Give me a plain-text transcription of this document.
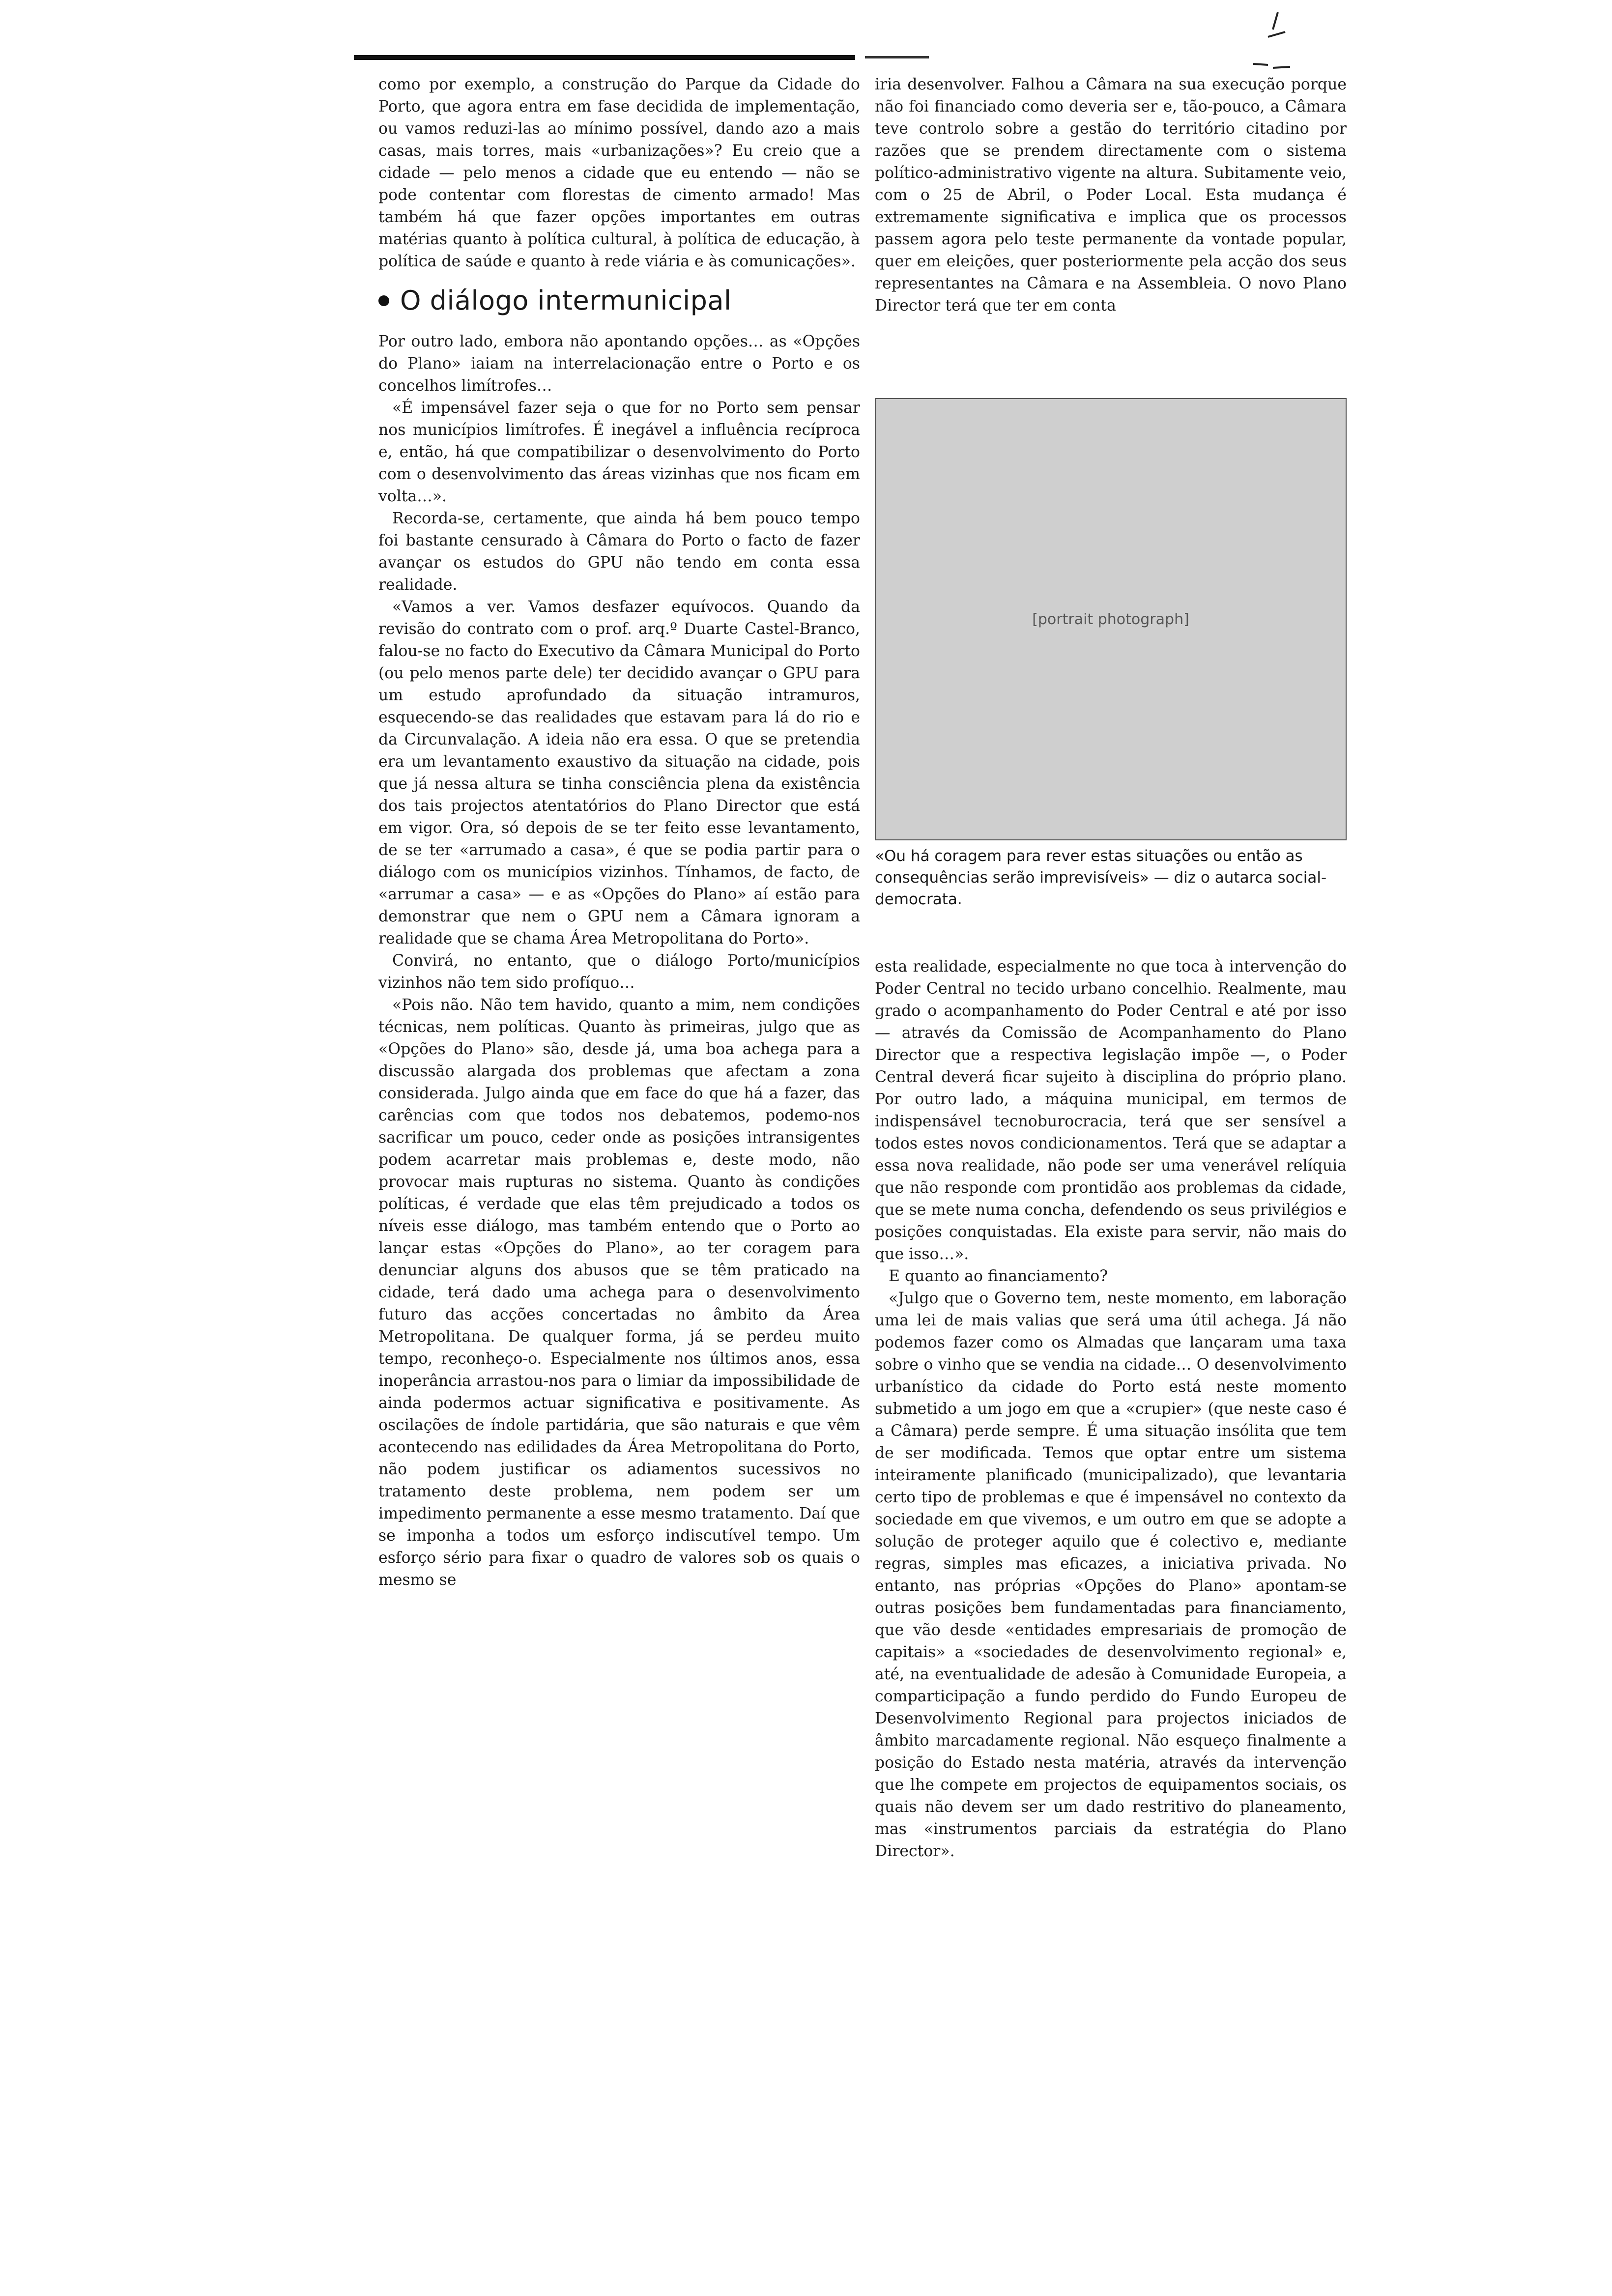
como por exemplo, a construção do Parque da Cidade do Porto, que agora entra em fase decidida de implementação, ou vamos reduzi-las ao mínimo possível, dando azo a mais casas, mais torres, mais «urbanizações»? Eu creio que a cidade — pelo menos a cidade que eu entendo — não se pode contentar com florestas de cimento armado! Mas também há que fazer opções importantes em outras matérias quanto à política cultural, à política de educação, à política de saúde e quanto à rede viária e às comunicações».

O diálogo intermunicipal

Por outro lado, embora não apontando opções… as «Opções do Plano» iaiam na interrelacionação entre o Porto e os concelhos limítrofes…

«É impensável fazer seja o que for no Porto sem pensar nos municípios limítrofes. É inegável a influência recíproca e, então, há que compatibilizar o desenvolvimento do Porto com o desenvolvimento das áreas vizinhas que nos ficam em volta…».

Recorda-se, certamente, que ainda há bem pouco tempo foi bastante censurado à Câmara do Porto o facto de fazer avançar os estudos do GPU não tendo em conta essa realidade.

«Vamos a ver. Vamos desfazer equívocos. Quando da revisão do contrato com o prof. arq.º Duarte Castel-Branco, falou-se no facto do Executivo da Câmara Municipal do Porto (ou pelo menos parte dele) ter decidido avançar o GPU para um estudo aprofundado da situação intramuros, esquecendo-se das realidades que estavam para lá do rio e da Circunvalação. A ideia não era essa. O que se pretendia era um levantamento exaustivo da situação na cidade, pois que já nessa altura se tinha consciência plena da existência dos tais projectos atentatórios do Plano Director que está em vigor. Ora, só depois de se ter feito esse levantamento, de se ter «arrumado a casa», é que se podia partir para o diálogo com os municípios vizinhos. Tínhamos, de facto, de «arrumar a casa» — e as «Opções do Plano» aí estão para demonstrar que nem o GPU nem a Câmara ignoram a realidade que se chama Área Metropolitana do Porto».

Convirá, no entanto, que o diálogo Porto/municípios vizinhos não tem sido profíquo…

«Pois não. Não tem havido, quanto a mim, nem condições técnicas, nem políticas. Quanto às primeiras, julgo que as «Opções do Plano» são, desde já, uma boa achega para a discussão alargada dos problemas que afectam a zona considerada. Julgo ainda que em face do que há a fazer, das carências com que todos nos debatemos, podemo-nos sacrificar um pouco, ceder onde as posições intransigentes podem acarretar mais problemas e, deste modo, não provocar mais rupturas no sistema. Quanto às condições políticas, é verdade que elas têm prejudicado a todos os níveis esse diálogo, mas também entendo que o Porto ao lançar estas «Opções do Plano», ao ter coragem para denunciar alguns dos abusos que se têm praticado na cidade, terá dado uma achega para o desenvolvimento futuro das acções concertadas no âmbito da Área Metropolitana. De qualquer forma, já se perdeu muito tempo, reconheço-o. Especialmente nos últimos anos, essa inoperância arrastou-nos para o limiar da impossibilidade de ainda podermos actuar significativa e positivamente. As oscilações de índole partidária, que são naturais e que vêm acontecendo nas edilidades da Área Metropolitana do Porto, não podem justificar os adiamentos sucessivos no tratamento deste problema, nem podem ser um impedimento permanente a esse mesmo tratamento. Daí que se imponha a todos um esforço indiscutível tempo. Um esforço sério para fixar o quadro de valores sob os quais o mesmo se

iria desenvolver. Falhou a Câmara na sua execução porque não foi financiado como deveria ser e, tão-pouco, a Câmara teve controlo sobre a gestão do território citadino por razões que se prendem directamente com o sistema político-administrativo vigente na altura. Subitamente veio, com o 25 de Abril, o Poder Local. Esta mudança é extremamente significativa e implica que os processos passem agora pelo teste permanente da vontade popular, quer em eleições, quer posteriormente pela acção dos seus representantes na Câmara e na Assembleia. O novo Plano Director terá que ter em conta

[portrait photograph]
«Ou há coragem para rever estas situações ou então as consequências serão imprevisíveis» — diz o autarca social-democrata.

esta realidade, especialmente no que toca à intervenção do Poder Central no tecido urbano concelhio. Realmente, mau grado o acompanhamento do Poder Central e até por isso — através da Comissão de Acompanhamento do Plano Director que a respectiva legislação impõe —, o Poder Central deverá ficar sujeito à disciplina do próprio plano. Por outro lado, a máquina municipal, em termos de indispensável tecnoburocracia, terá que ser sensível a todos estes novos condicionamentos. Terá que se adaptar a essa nova realidade, não pode ser uma venerável relíquia que não responde com prontidão aos problemas da cidade, que se mete numa concha, defendendo os seus privilégios e posições conquistadas. Ela existe para servir, não mais do que isso…».

E quanto ao financiamento?

«Julgo que o Governo tem, neste momento, em laboração uma lei de mais valias que será uma útil achega. Já não podemos fazer como os Almadas que lançaram uma taxa sobre o vinho que se vendia na cidade… O desenvolvimento urbanístico da cidade do Porto está neste momento submetido a um jogo em que a «crupier» (que neste caso é a Câmara) perde sempre. É uma situação insólita que tem de ser modificada. Temos que optar entre um sistema inteiramente planificado (municipalizado), que levantaria certo tipo de problemas e que é impensável no contexto da sociedade em que vivemos, e um outro em que se adopte a solução de proteger aquilo que é colectivo e, mediante regras, simples mas eficazes, a iniciativa privada. No entanto, nas próprias «Opções do Plano» apontam-se outras posições bem fundamentadas para financiamento, que vão desde «entidades empresariais de promoção de capitais» a «sociedades de desenvolvimento regional» e, até, na eventualidade de adesão à Comunidade Europeia, a comparticipação a fundo perdido do Fundo Europeu de Desenvolvimento Regional para projectos iniciados de âmbito marcadamente regional. Não esqueço finalmente a posição do Estado nesta matéria, através da intervenção que lhe compete em projectos de equipamentos sociais, os quais não devem ser um dado restritivo do planeamento, mas «instrumentos parciais da estratégia do Plano Director».
